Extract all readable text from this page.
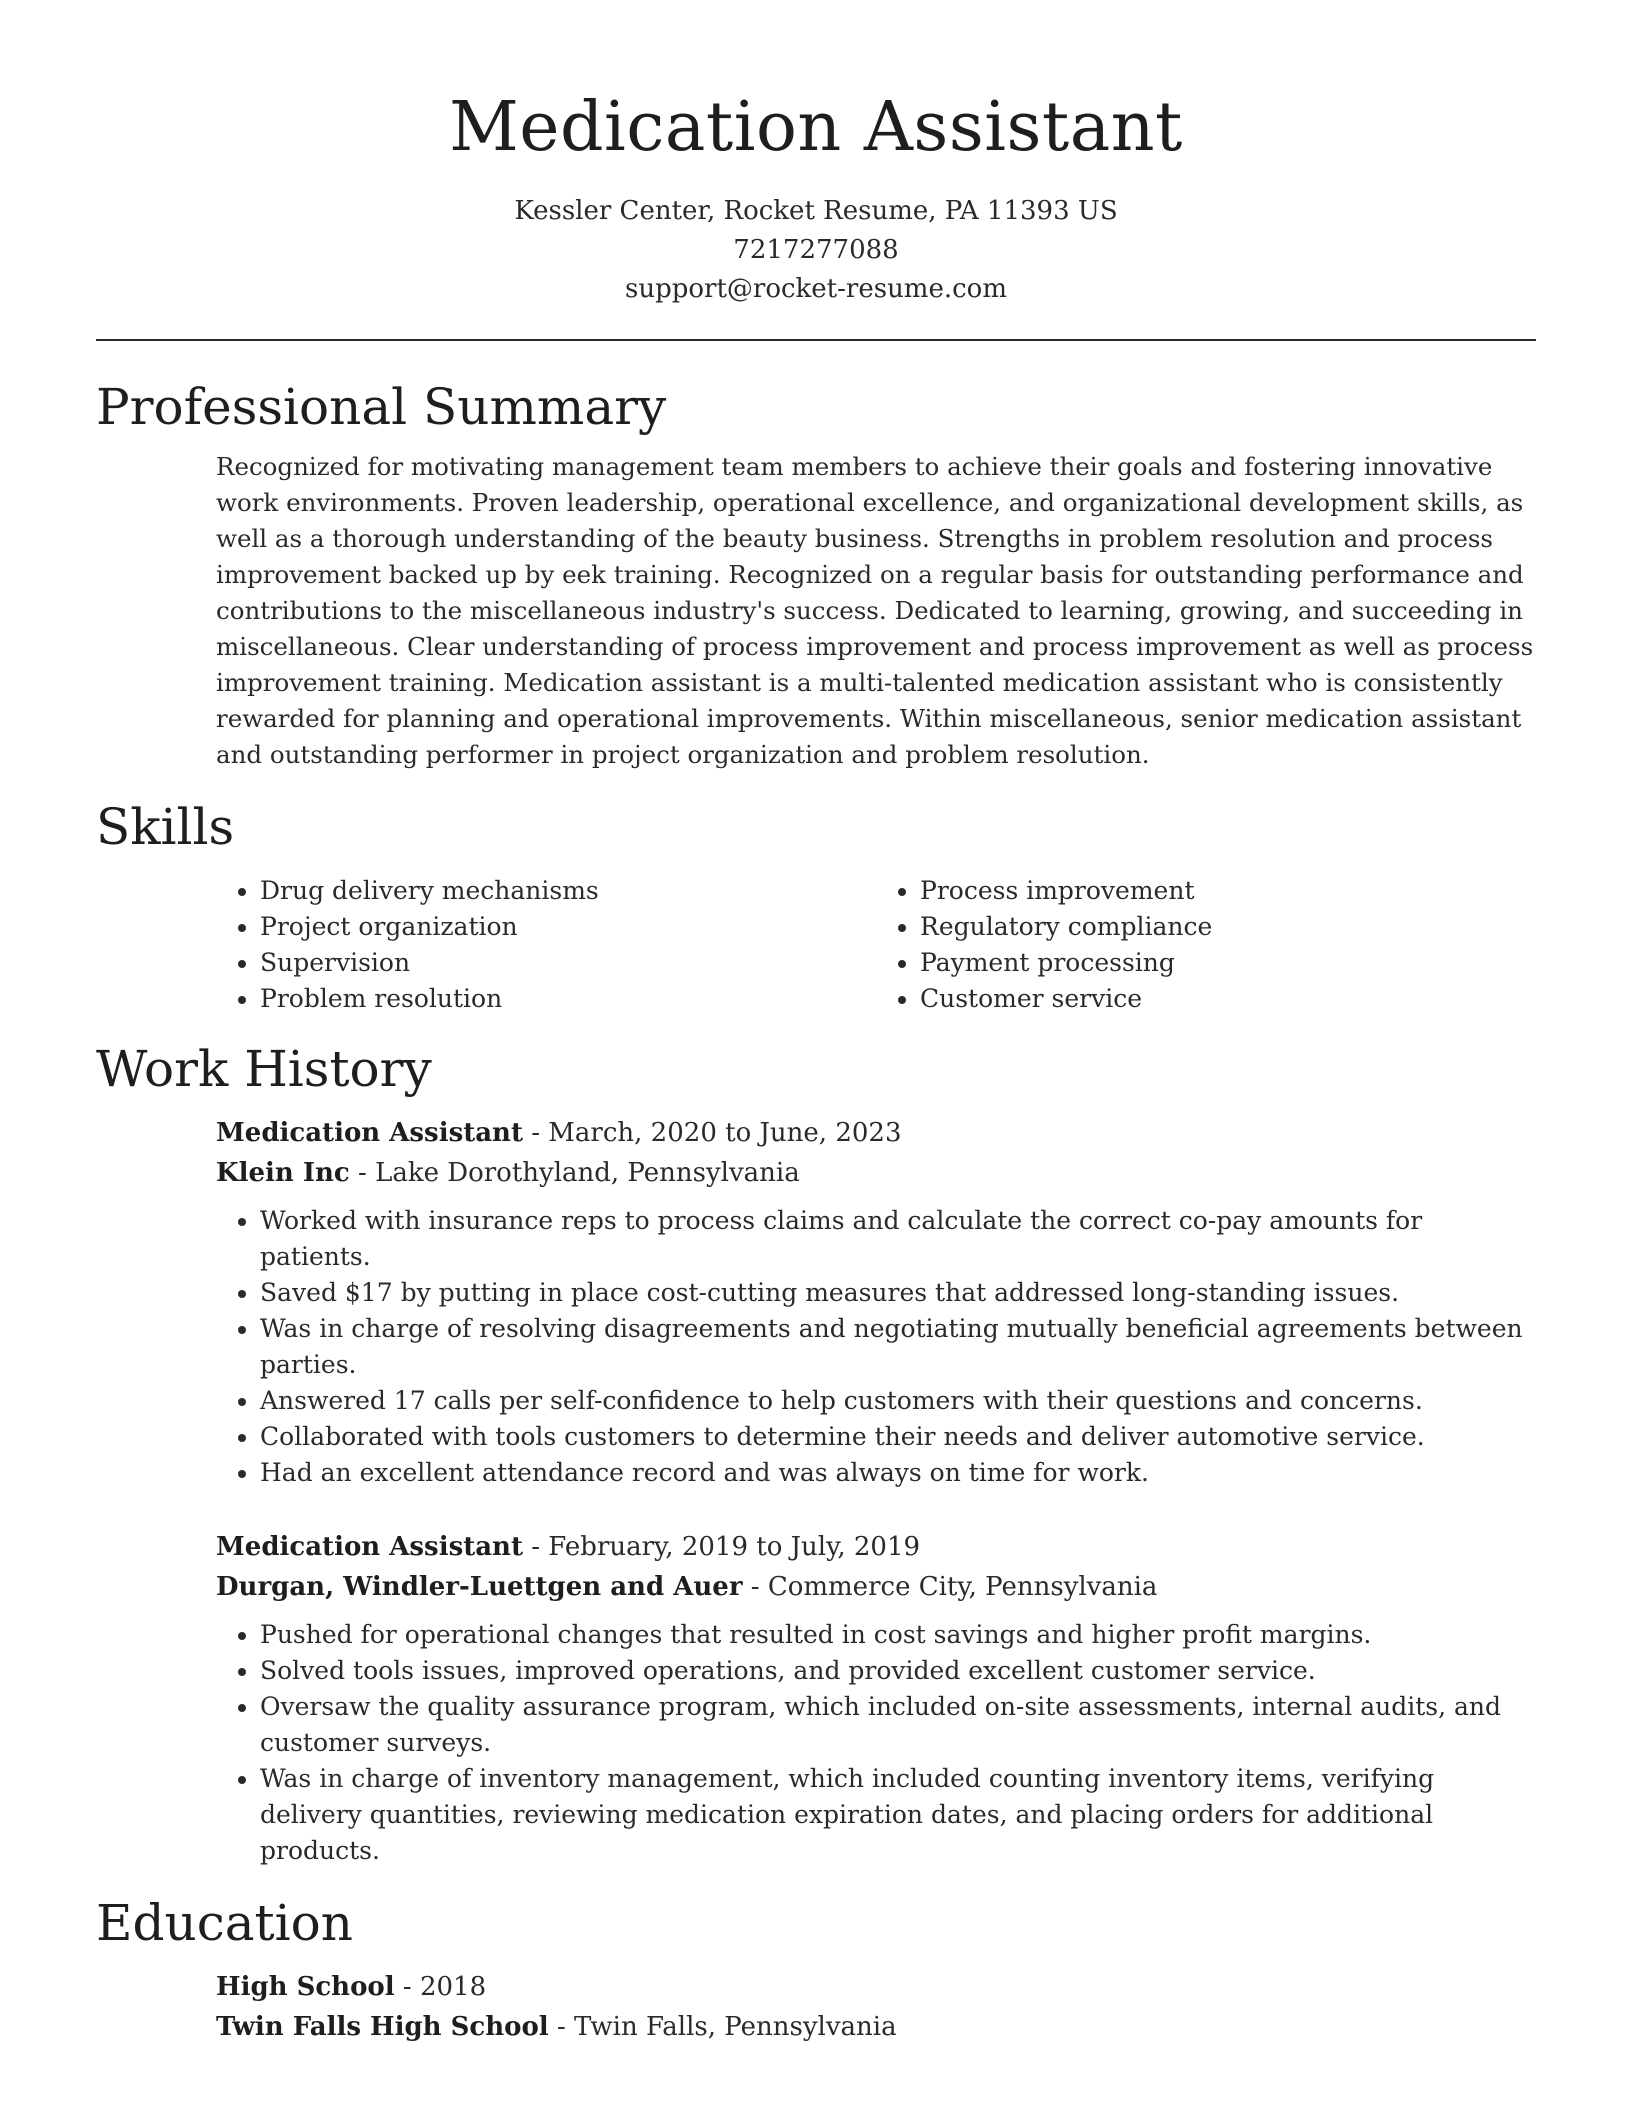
Medication Assistant
Kessler Center, Rocket Resume, PA 11393 US
7217277088
support@rocket-resume.com
Professional Summary
Recognized for motivating management team members to achieve their goals and fostering innovative work environments. Proven leadership, operational excellence, and organizational development skills, as well as a thorough understanding of the beauty business. Strengths in problem resolution and process improvement backed up by eek training. Recognized on a regular basis for outstanding performance and contributions to the miscellaneous industry's success. Dedicated to learning, growing, and succeeding in miscellaneous. Clear understanding of process improvement and process improvement as well as process improvement training. Medication assistant is a multi-talented medication assistant who is consistently rewarded for planning and operational improvements. Within miscellaneous, senior medication assistant and outstanding performer in project organization and problem resolution.
Skills
• Drug delivery mechanisms
• Project organization
• Supervision
• Problem resolution
• Process improvement
• Regulatory compliance
• Payment processing
• Customer service
Work History
Medication Assistant - March, 2020 to June, 2023
Klein Inc - Lake Dorothyland, Pennsylvania
• Worked with insurance reps to process claims and calculate the correct co-pay amounts for patients.
• Saved $17 by putting in place cost-cutting measures that addressed long-standing issues.
• Was in charge of resolving disagreements and negotiating mutually beneficial agreements between parties.
• Answered 17 calls per self-confidence to help customers with their questions and concerns.
• Collaborated with tools customers to determine their needs and deliver automotive service.
• Had an excellent attendance record and was always on time for work.
Medication Assistant - February, 2019 to July, 2019
Durgan, Windler-Luettgen and Auer - Commerce City, Pennsylvania
• Pushed for operational changes that resulted in cost savings and higher profit margins.
• Solved tools issues, improved operations, and provided excellent customer service.
• Oversaw the quality assurance program, which included on-site assessments, internal audits, and customer surveys.
• Was in charge of inventory management, which included counting inventory items, verifying delivery quantities, reviewing medication expiration dates, and placing orders for additional products.
Education
High School - 2018
Twin Falls High School - Twin Falls, Pennsylvania
